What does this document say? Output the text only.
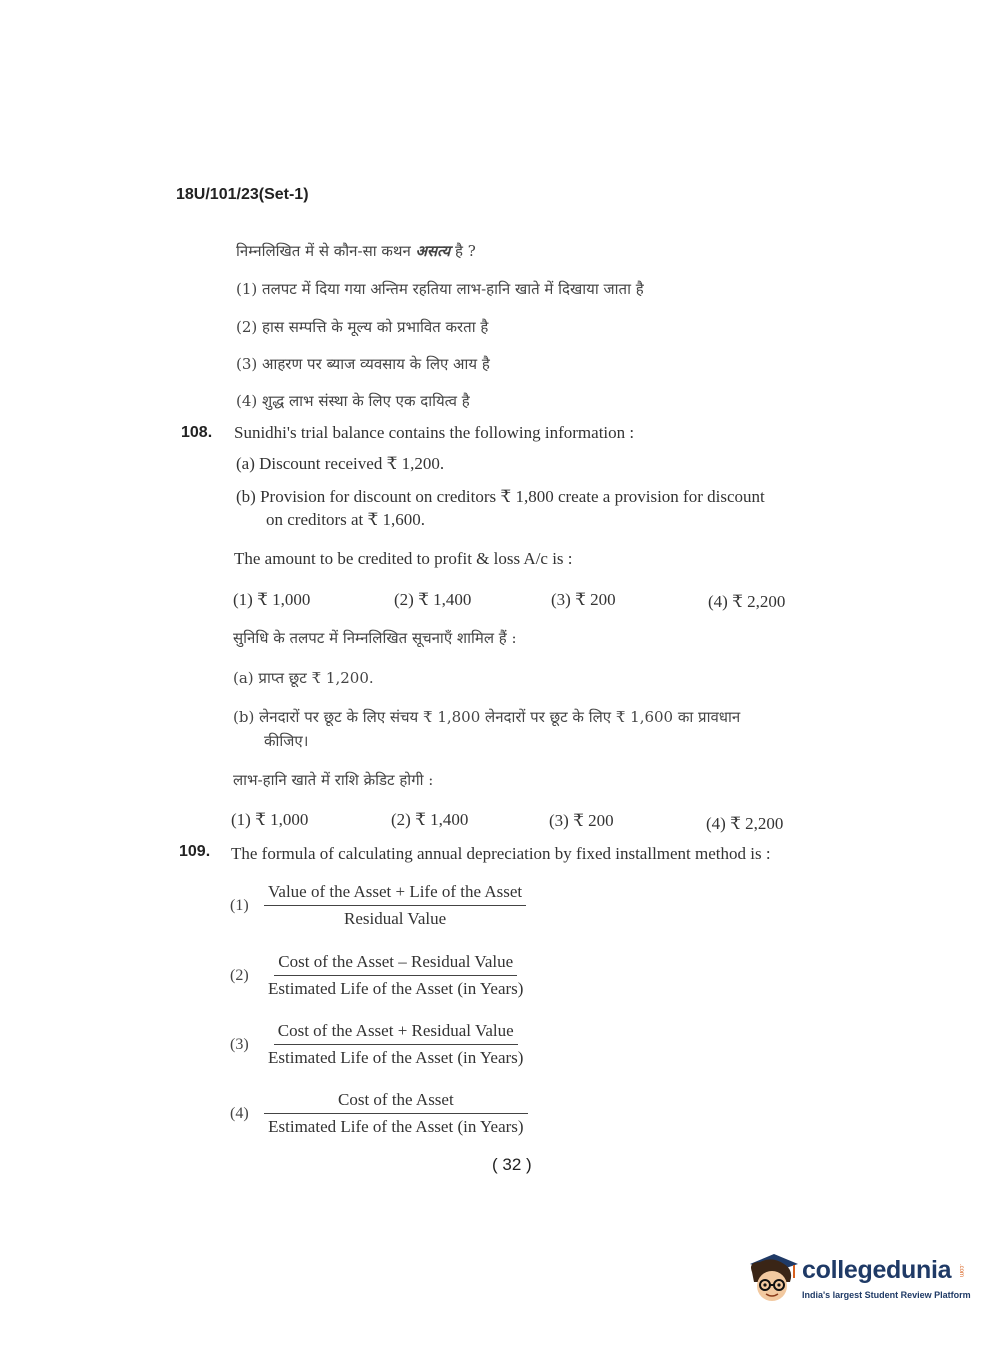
18U/101/23(Set-1)
निम्नलिखित में से कौन-सा कथन असत्य है ?
(1) तलपट में दिया गया अन्तिम रहतिया लाभ-हानि खाते में दिखाया जाता है
(2) हास सम्पत्ति के मूल्य को प्रभावित करता है
(3) आहरण पर ब्याज व्यवसाय के लिए आय है
(4) शुद्ध लाभ संस्था के लिए एक दायित्व है
108. Sunidhi's trial balance contains the following information :
(a) Discount received ₹ 1,200.
(b) Provision for discount on creditors ₹ 1,800 create a provision for discount
on creditors at ₹ 1,600.
The amount to be credited to profit & loss A/c is :
(1) ₹ 1,000	(2) ₹ 1,400	(3) ₹ 200	(4) ₹ 2,200
सुनिधि के तलपट में निम्नलिखित सूचनाएँ शामिल हैं :
(a) प्राप्त छूट ₹ 1,200.
(b) लेनदारों पर छूट के लिए संचय ₹ 1,800 लेनदारों पर छूट के लिए ₹ 1,600 का प्रावधान
कीजिए।
लाभ-हानि खाते में राशि क्रेडिट होगी :
(1) ₹ 1,000	(2) ₹ 1,400	(3) ₹ 200	(4) ₹ 2,200
109. The formula of calculating annual depreciation by fixed installment method is :
$(1) \frac{\text{Value of the Asset + Life of the Asset}}{\text{Residual Value}}$
$(2) \frac{\text{Cost of the Asset – Residual Value}}{\text{Estimated Life of the Asset (in Years)}}$
$(3) \frac{\text{Cost of the Asset + Residual Value}}{\text{Estimated Life of the Asset (in Years)}}$
$(4) \frac{\text{Cost of the Asset}}{\text{Estimated Life of the Asset (in Years)}}$
( 32 )
collegedunia .com
India's largest Student Review Platform
